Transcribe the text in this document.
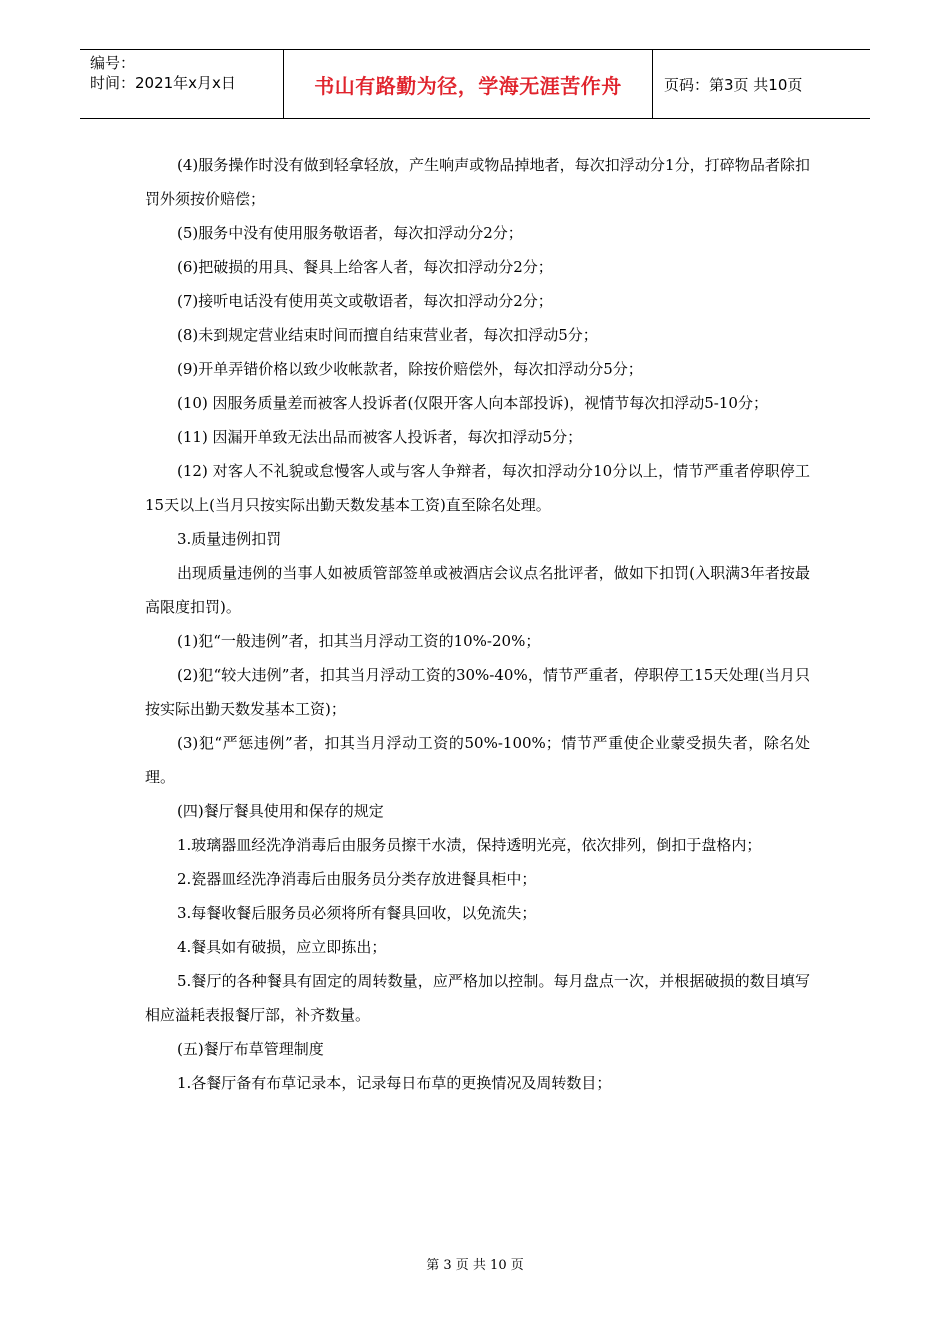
编号：
时间：2021年x月x日	书山有路勤为径，学海无涯苦作舟	页码：第3页 共10页

(4)服务操作时没有做到轻拿轻放，产生响声或物品掉地者，每次扣浮动分1分，打碎物品者除扣罚外须按价赔偿；

(5)服务中没有使用服务敬语者，每次扣浮动分2分；

(6)把破损的用具、餐具上给客人者，每次扣浮动分2分；

(7)接听电话没有使用英文或敬语者，每次扣浮动分2分；

(8)未到规定营业结束时间而擅自结束营业者，每次扣浮动5分；

(9)开单弄错价格以致少收帐款者，除按价赔偿外，每次扣浮动分5分；

(10) 因服务质量差而被客人投诉者(仅限开客人向本部投诉)，视情节每次扣浮动5-10分；

(11) 因漏开单致无法出品而被客人投诉者，每次扣浮动5分；

(12) 对客人不礼貌或怠慢客人或与客人争辩者，每次扣浮动分10分以上，情节严重者停职停工15天以上(当月只按实际出勤天数发基本工资)直至除名处理。

3.质量违例扣罚

出现质量违例的当事人如被质管部签单或被酒店会议点名批评者，做如下扣罚(入职满3年者按最高限度扣罚)。

(1)犯“一般违例”者，扣其当月浮动工资的10%-20%；

(2)犯“较大违例”者，扣其当月浮动工资的30%-40%，情节严重者，停职停工15天处理(当月只按实际出勤天数发基本工资)；

(3)犯“严惩违例”者，扣其当月浮动工资的50%-100%；情节严重使企业蒙受损失者，除名处理。

(四)餐厅餐具使用和保存的规定

1.玻璃器皿经洗净消毒后由服务员擦干水渍，保持透明光亮，依次排列，倒扣于盘格内；

2.瓷器皿经洗净消毒后由服务员分类存放进餐具柜中；

3.每餐收餐后服务员必须将所有餐具回收，以免流失；

4.餐具如有破损，应立即拣出；

5.餐厅的各种餐具有固定的周转数量，应严格加以控制。每月盘点一次，并根据破损的数目填写相应溢耗表报餐厅部，补齐数量。

(五)餐厅布草管理制度

1.各餐厅备有布草记录本，记录每日布草的更换情况及周转数目；

第 3 页 共 10 页
